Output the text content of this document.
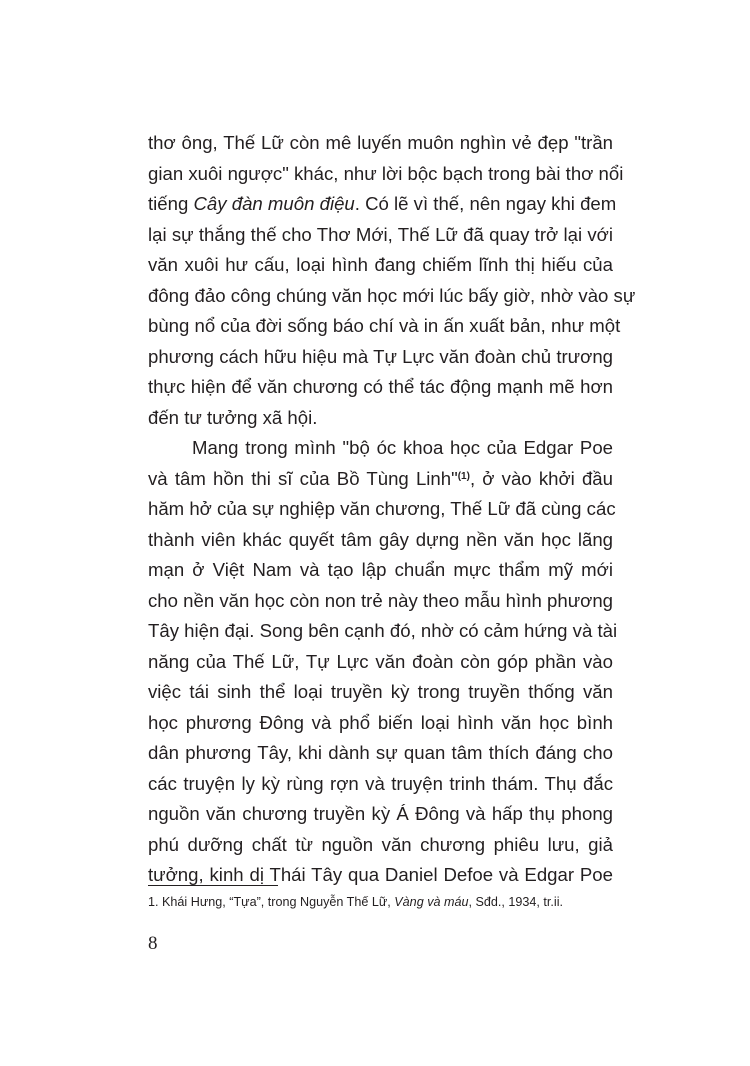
thơ ông, Thế Lữ còn mê luyến muôn nghìn vẻ đẹp "trần
gian xuôi ngược" khác, như lời bộc bạch trong bài thơ nổi
tiếng Cây đàn muôn điệu. Có lẽ vì thế, nên ngay khi đem
lại sự thắng thế cho Thơ Mới, Thế Lữ đã quay trở lại với
văn xuôi hư cấu, loại hình đang chiếm lĩnh thị hiếu của
đông đảo công chúng văn học mới lúc bấy giờ, nhờ vào sự
bùng nổ của đời sống báo chí và in ấn xuất bản, như một
phương cách hữu hiệu mà Tự Lực văn đoàn chủ trương
thực hiện để văn chương có thể tác động mạnh mẽ hơn
đến tư tưởng xã hội.
Mang trong mình "bộ óc khoa học của Edgar Poe
và tâm hồn thi sĩ của Bồ Tùng Linh"$^{(1)}$, ở vào khởi đầu
hăm hở của sự nghiệp văn chương, Thế Lữ đã cùng các
thành viên khác quyết tâm gây dựng nền văn học lãng
mạn ở Việt Nam và tạo lập chuẩn mực thẩm mỹ mới
cho nền văn học còn non trẻ này theo mẫu hình phương
Tây hiện đại. Song bên cạnh đó, nhờ có cảm hứng và tài
năng của Thế Lữ, Tự Lực văn đoàn còn góp phần vào
việc tái sinh thể loại truyền kỳ trong truyền thống văn
học phương Đông và phổ biến loại hình văn học bình
dân phương Tây, khi dành sự quan tâm thích đáng cho
các truyện ly kỳ rùng rợn và truyện trinh thám. Thụ đắc
nguồn văn chương truyền kỳ Á Đông và hấp thụ phong
phú dưỡng chất từ nguồn văn chương phiêu lưu, giả
tưởng, kinh dị Thái Tây qua Daniel Defoe và Edgar Poe
1. Khái Hưng, “Tựa”, trong Nguyễn Thế Lữ, Vàng và máu, Sđd., 1934, tr.ii.
8
